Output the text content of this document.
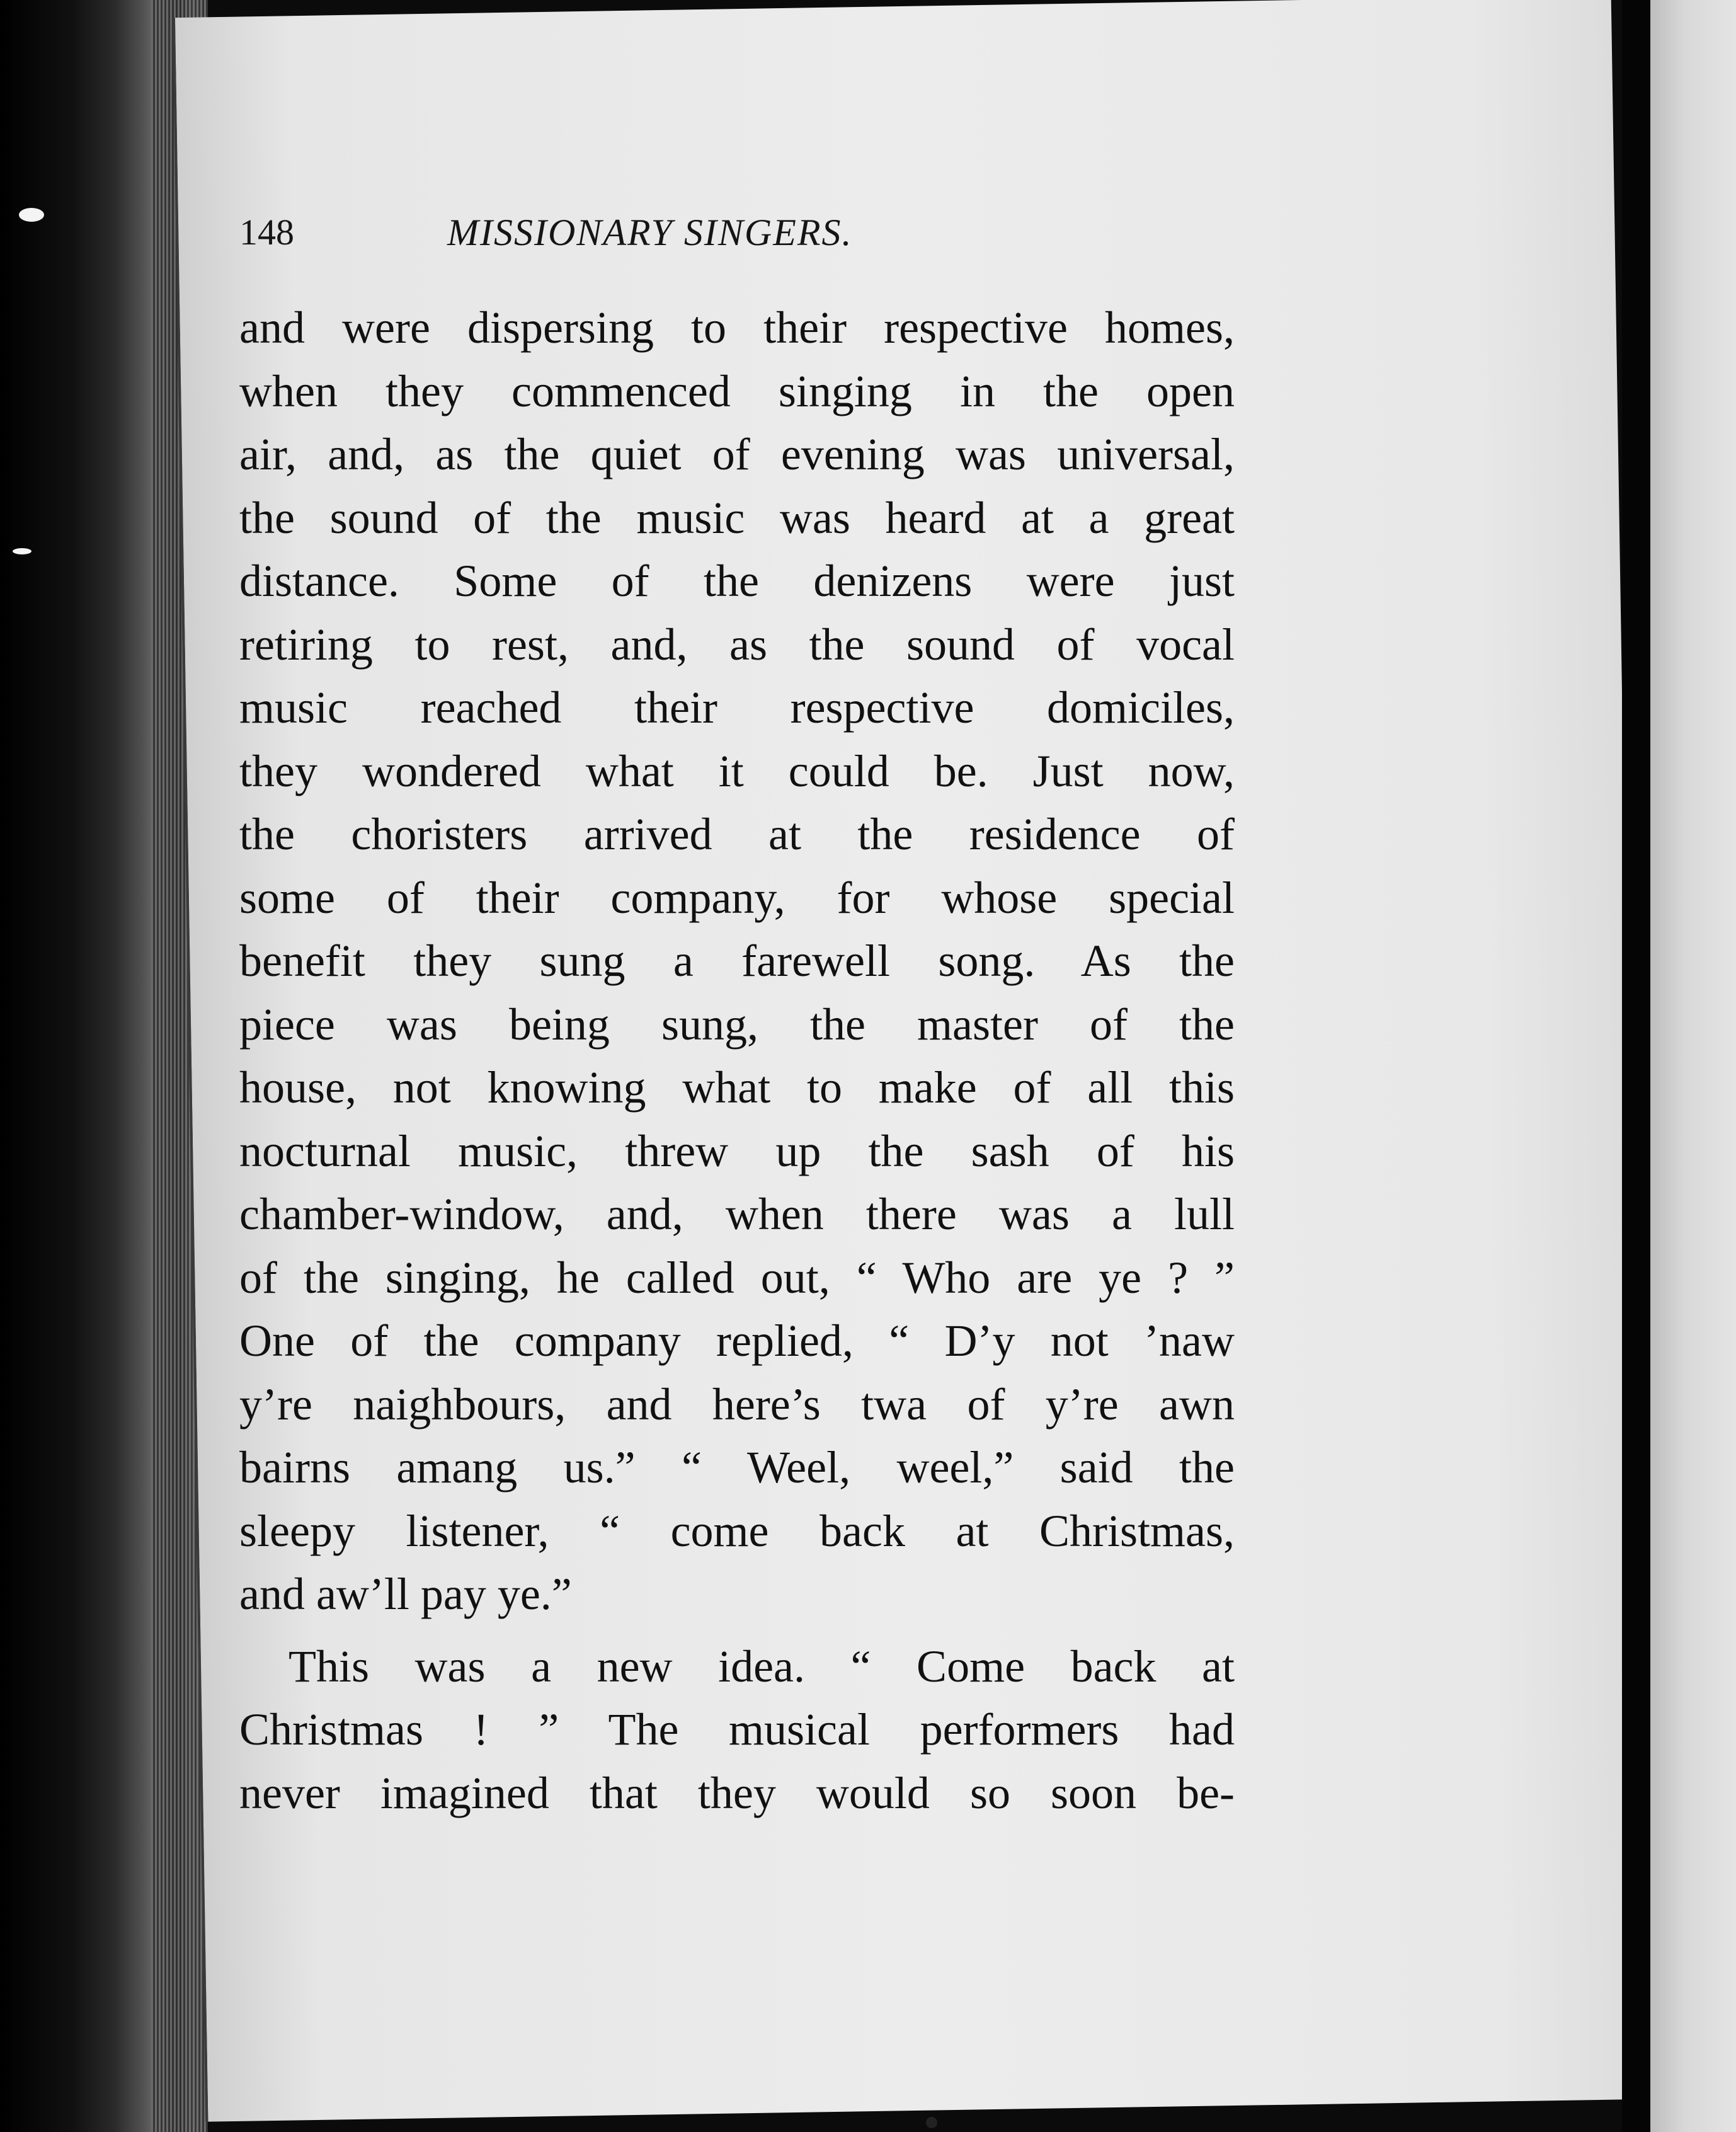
148	MISSIONARY SINGERS.
and were dispersing to their respective homes,
when they commenced singing in the open
air, and, as the quiet of evening was universal,
the sound of the music was heard at a great
distance. Some of the denizens were just
retiring to rest, and, as the sound of vocal
music reached their respective domiciles,
they wondered what it could be. Just now,
the choristers arrived at the residence of
some of their company, for whose special
benefit they sung a farewell song. As the
piece was being sung, the master of the
house, not knowing what to make of all this
nocturnal music, threw up the sash of his
chamber-window, and, when there was a lull
of the singing, he called out, “ Who are ye ? ”
One of the company replied, “ D’y not ’naw
y’re naighbours, and here’s twa of y’re awn
bairns amang us.” “ Weel, weel,” said the
sleepy listener, “ come back at Christmas,
and aw’ll pay ye.”
This was a new idea. “ Come back at
Christmas ! ” The musical performers had
never imagined that they would so soon be-
